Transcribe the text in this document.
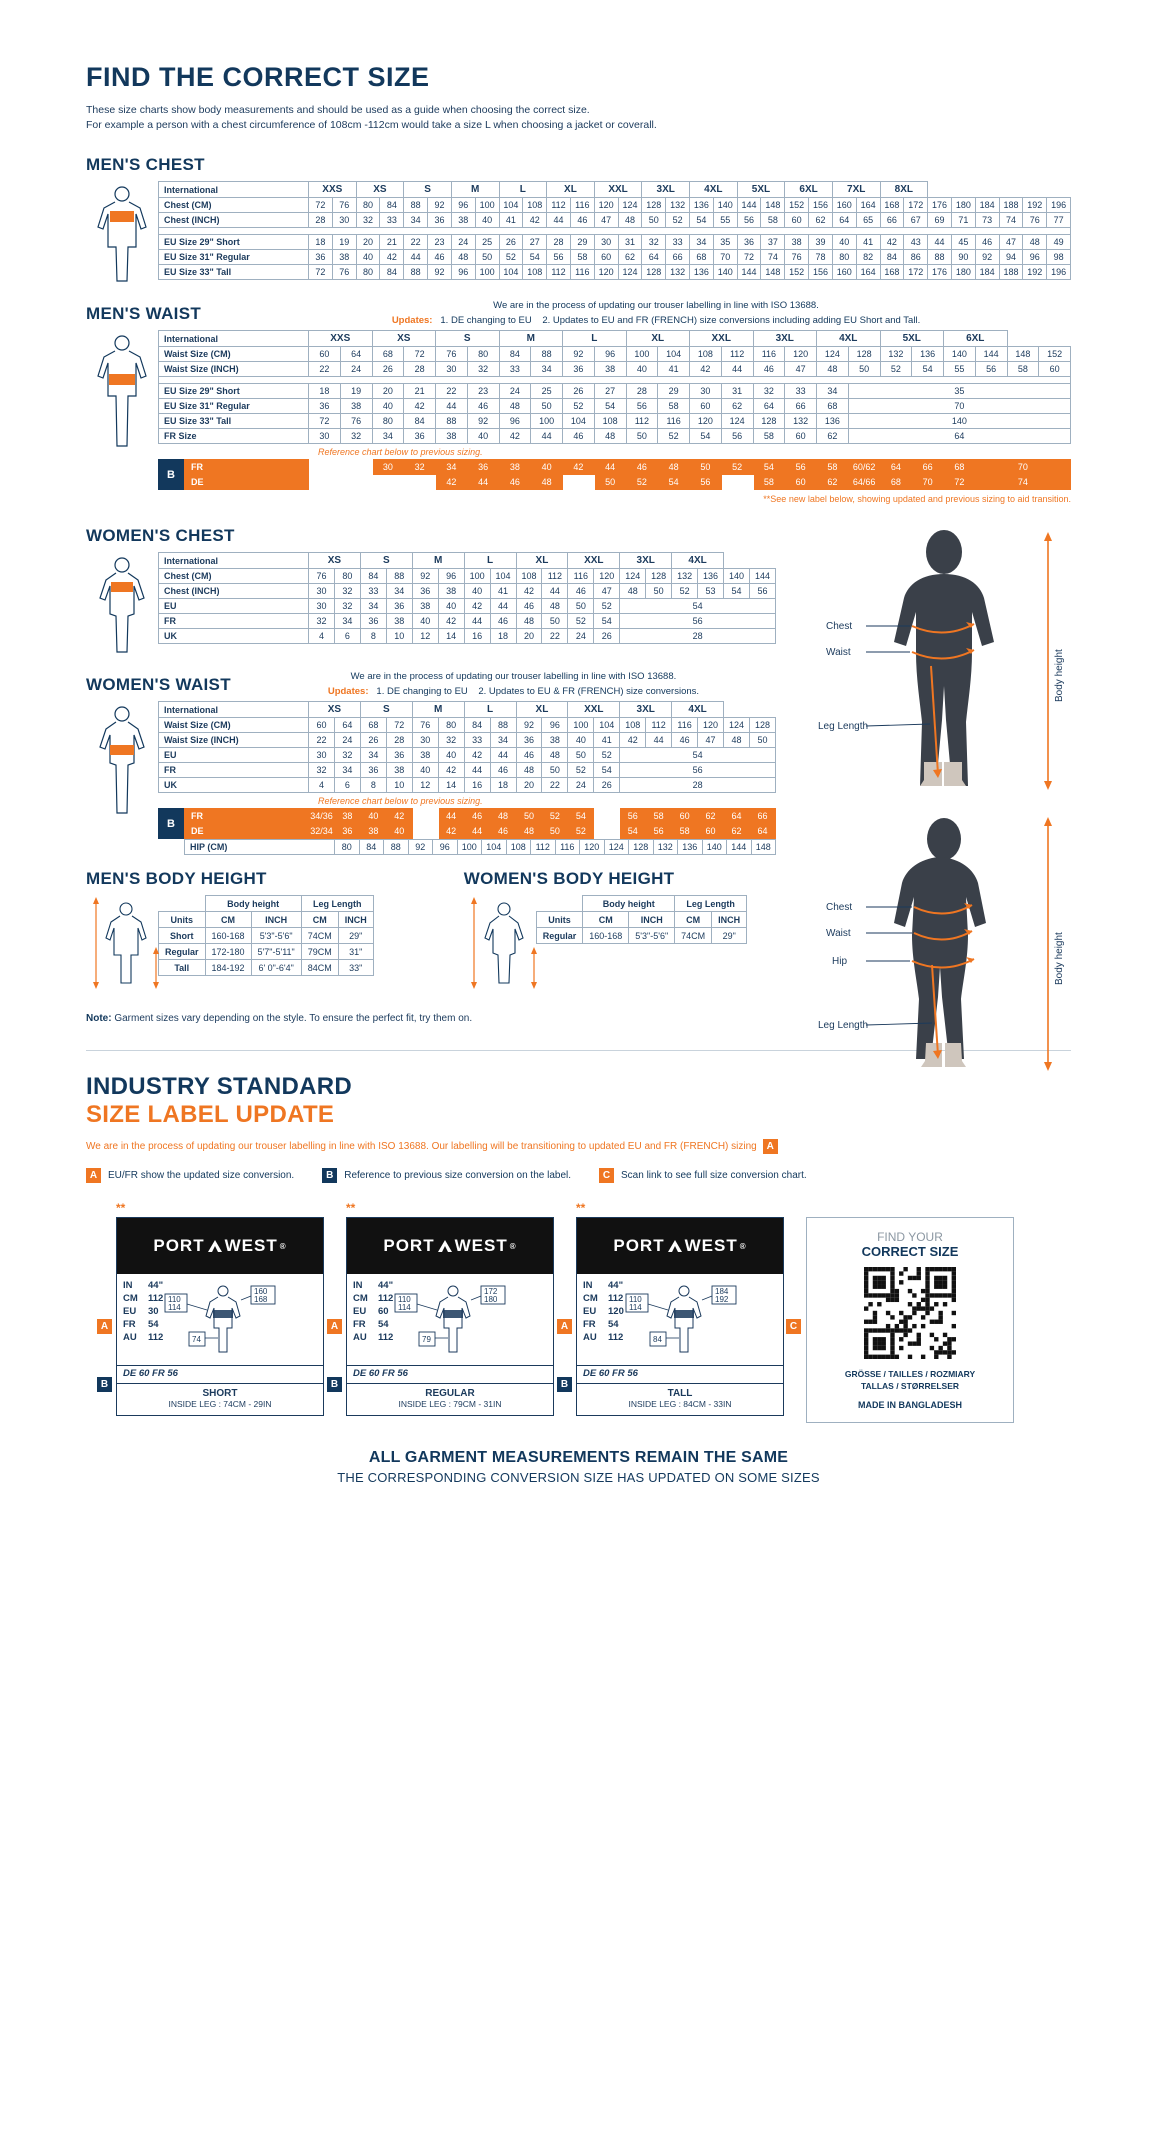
FIND THE CORRECT SIZE
These size charts show body measurements and should be used as a guide when choosing the correct size.
For example a person with a chest circumference of 108cm -112cm would take a size L when choosing a jacket or coverall.
MEN'S CHEST
International	XXS		XS		S		M		L		XL		XXL		3XL		4XL		5XL		6XL		7XL		8XL							
Chest (CM)	72	76	80	84	88	92	96	100	104	108	112	116	120	124	128	132	136	140	144	148	152	156	160	164	168	172	176	180	184	188	192	196
Chest (INCH)	28	30	32	33	34	36	38	40	41	42	44	46	47	48	50	52	54	55	56	58	60	62	64	65	66	67	69	71	73	74	76	77

EU Size 29" Short	18	19	20	21	22	23	24	25	26	27	28	29	30	31	32	33	34	35	36	37	38	39	40	41	42	43	44	45	46	47	48	49
EU Size 31" Regular	36	38	40	42	44	46	48	50	52	54	56	58	60	62	64	66	68	70	72	74	76	78	80	82	84	86	88	90	92	94	96	98
EU Size 33" Tall	72	76	80	84	88	92	96	100	104	108	112	116	120	124	128	132	136	140	144	148	152	156	160	164	168	172	176	180	184	188	192	196
MEN'S WAIST	We are in the process of updating our trouser labelling in line with ISO 13688.
Updates: 1. DE changing to EU 2. Updates to EU and FR (FRENCH) size conversions including adding EU Short and Tall.
International	XXS		XS		S		M		L		XL		XXL		3XL		4XL		5XL		6XL			
Waist Size (CM)	60	64	68	72	76	80	84	88	92	96	100	104	108	112	116	120	124	128	132	136	140	144	148	152
Waist Size (INCH)	22	24	26	28	30	32	33	34	36	38	40	41	42	44	46	47	48	50	52	54	55	56	58	60

EU Size 29" Short	18	19	20	21	22	23	24	25	26	27	28	29	30	31	32	33	34	35						
EU Size 31" Regular	36	38	40	42	44	46	48	50	52	54	56	58	60	62	64	66	68	70						
EU Size 33" Tall	72	76	80	84	88	92	96	100	104	108	112	116	120	124	128	132	136	140						
FR Size	30	32	34	36	38	40	42	44	46	48	50	52	54	56	58	60	62	64						
Reference chart below to previous sizing.
B
FR			30	32	34	36	38	40	42	44	46	48	50	52	54	56	58	60/62	64	66	68	70
DE					42	44	46	48		50	52	54	56		58	60	62	64/66	68	70	72	74
**See new label below, showing updated and previous sizing to aid transition.
Body height
Chest
Waist
Leg Length
Body height
Chest
Waist
Hip
Leg Length
WOMEN'S CHEST
International	XS		S		M		L		XL		XXL		3XL		4XL			
Chest (CM)	76	80	84	88	92	96	100	104	108	112	116	120	124	128	132	136	140	144
Chest (INCH)	30	32	33	34	36	38	40	41	42	44	46	47	48	50	52	53	54	56
EU	30	32	34	36	38	40	42	44	46	48	50	52	54					
FR	32	34	36	38	40	42	44	46	48	50	52	54	56					
UK	4	6	8	10	12	14	16	18	20	22	24	26	28					
WOMEN'S WAIST	We are in the process of updating our trouser labelling in line with ISO 13688.
Updates: 1. DE changing to EU 2. Updates to EU & FR (FRENCH) size conversions.
International	XS		S		M		L		XL		XXL		3XL		4XL			
Waist Size (CM)	60	64	68	72	76	80	84	88	92	96	100	104	108	112	116	120	124	128
Waist Size (INCH)	22	24	26	28	30	32	33	34	36	38	40	41	42	44	46	47	48	50
EU	30	32	34	36	38	40	42	44	46	48	50	52	54					
FR	32	34	36	38	40	42	44	46	48	50	52	54	56					
UK	4	6	8	10	12	14	16	18	20	22	24	26	28					
Reference chart below to previous sizing.
B
FR	34/36	38	40	42		44	46	48	50	52	54		56	58	60	62	64	66
DE	32/34	36	38	40		42	44	46	48	50	52		54	56	58	60	62	64
HIP (CM)	80	84	88	92	96	100	104	108	112	116	120	124	128	132	136	140	144	148
MEN'S BODY HEIGHT
	Body height		Leg Length	
Units	CM	INCH	CM	INCH
Short	160-168	5'3"-5'6"	74CM	29"
Regular	172-180	5'7"-5'11"	79CM	31"
Tall	184-192	6' 0"-6'4"	84CM	33"
WOMEN'S BODY HEIGHT
	Body height		Leg Length	
Units	CM	INCH	CM	INCH
Regular	160-168	5'3"-5'6"	74CM	29"
Note: Garment sizes vary depending on the style. To ensure the perfect fit, try them on.
INDUSTRY STANDARD
SIZE LABEL UPDATE
We are in the process of updating our trouser labelling in line with ISO 13688. Our labelling will be transitioning to updated EU and FR (FRENCH) sizing A
A	EU/FR show the updated size conversion.	B	Reference to previous size conversion on the label.	C	Scan link to see full size conversion chart.
**
PORT WEST ®
IN	44"
CM	112
EU	30
FR	54
AU	112
110
114
160
168
74
DE 60 FR 56
SHORT
INSIDE LEG : 74CM - 29IN
A
B
**
PORT WEST ®
IN	44"
CM	112
EU	60
FR	54
AU	112
110
114
172
180
79
DE 60 FR 56
REGULAR
INSIDE LEG : 79CM - 31IN
A
B
**
PORT WEST ®
IN	44"
CM	112
EU	120
FR	54
AU	112
110
114
184
192
84
DE 60 FR 56
TALL
INSIDE LEG : 84CM - 33IN
A
B
C
FIND YOUR
CORRECT SIZE
GRÖSSE / TAILLES / ROZMIARY
TALLAS / STØRRELSER
MADE IN BANGLADESH
ALL GARMENT MEASUREMENTS REMAIN THE SAME
THE CORRESPONDING CONVERSION SIZE HAS UPDATED ON SOME SIZES
